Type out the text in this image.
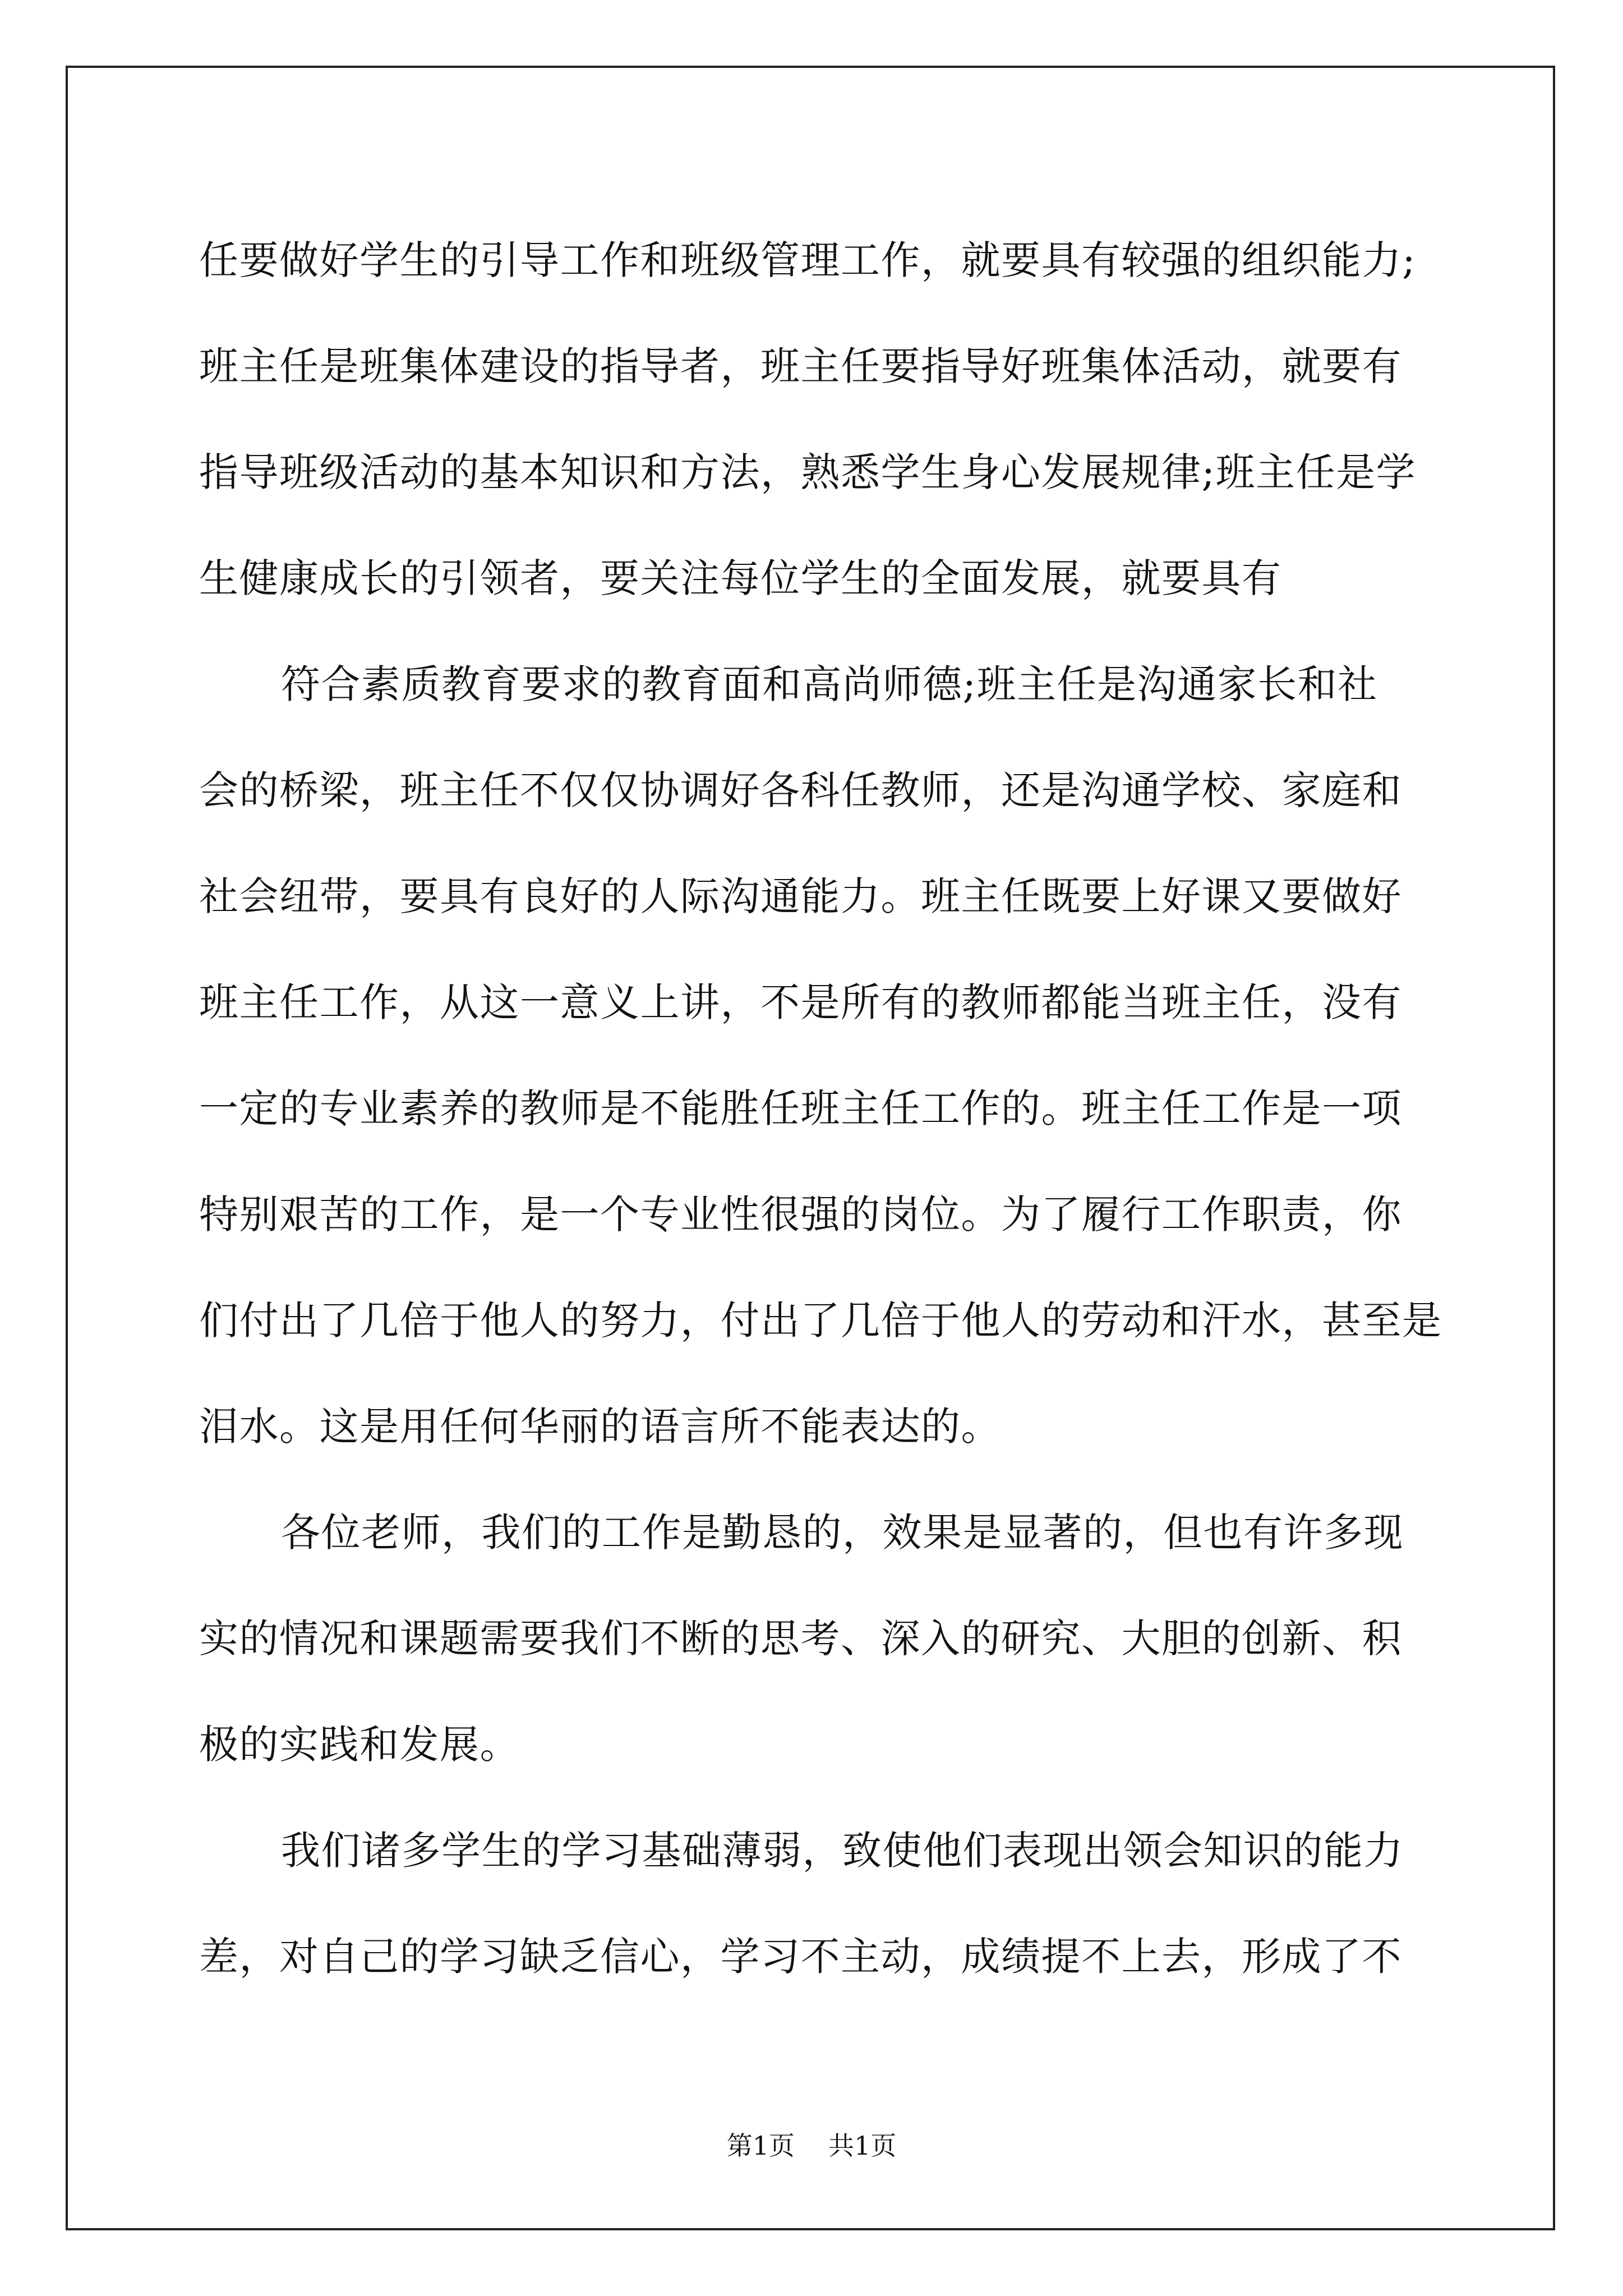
任要做好学生的引导工作和班级管理工作，就要具有较强的组织能力;
班主任是班集体建设的指导者，班主任要指导好班集体活动，就要有
指导班级活动的基本知识和方法，熟悉学生身心发展规律;班主任是学
生健康成长的引领者，要关注每位学生的全面发展，就要具有
符合素质教育要求的教育面和高尚师德;班主任是沟通家长和社
会的桥梁，班主任不仅仅协调好各科任教师，还是沟通学校、家庭和
社会纽带，要具有良好的人际沟通能力。班主任既要上好课又要做好
班主任工作，从这一意义上讲，不是所有的教师都能当班主任，没有
一定的专业素养的教师是不能胜任班主任工作的。班主任工作是一项
特别艰苦的工作，是一个专业性很强的岗位。为了履行工作职责，你
们付出了几倍于他人的努力，付出了几倍于他人的劳动和汗水，甚至是
泪水。这是用任何华丽的语言所不能表达的。
各位老师，我们的工作是勤恳的，效果是显著的，但也有许多现
实的情况和课题需要我们不断的思考、深入的研究、大胆的创新、积
极的实践和发展。
我们诸多学生的学习基础薄弱，致使他们表现出领会知识的能力
差，对自己的学习缺乏信心，学习不主动，成绩提不上去，形成了不
第1页 共1页
